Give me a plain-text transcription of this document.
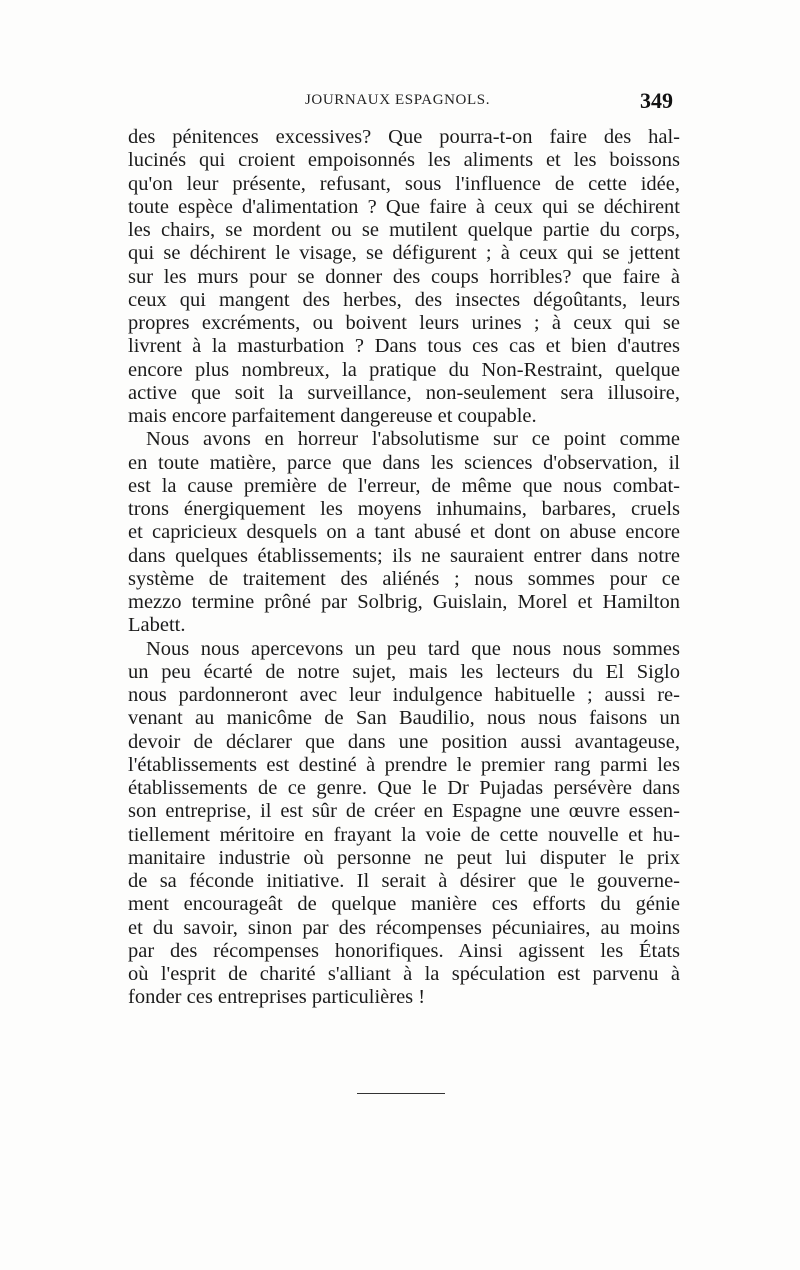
JOURNAUX ESPAGNOLS.	349
des pénitences excessives? Que pourra-t-on faire des hal-
lucinés qui croient empoisonnés les aliments et les boissons
qu'on leur présente, refusant, sous l'influence de cette idée,
toute espèce d'alimentation ? Que faire à ceux qui se déchirent
les chairs, se mordent ou se mutilent quelque partie du corps,
qui se déchirent le visage, se défigurent ; à ceux qui se jettent
sur les murs pour se donner des coups horribles? que faire à
ceux qui mangent des herbes, des insectes dégoûtants, leurs
propres excréments, ou boivent leurs urines ; à ceux qui se
livrent à la masturbation ? Dans tous ces cas et bien d'autres
encore plus nombreux, la pratique du Non-Restraint, quelque
active que soit la surveillance, non-seulement sera illusoire,
mais encore parfaitement dangereuse et coupable.
Nous avons en horreur l'absolutisme sur ce point comme
en toute matière, parce que dans les sciences d'observation, il
est la cause première de l'erreur, de même que nous combat-
trons énergiquement les moyens inhumains, barbares, cruels
et capricieux desquels on a tant abusé et dont on abuse encore
dans quelques établissements; ils ne sauraient entrer dans notre
système de traitement des aliénés ; nous sommes pour ce
mezzo termine prôné par Solbrig, Guislain, Morel et Hamilton
Labett.
Nous nous apercevons un peu tard que nous nous sommes
un peu écarté de notre sujet, mais les lecteurs du El Siglo
nous pardonneront avec leur indulgence habituelle ; aussi re-
venant au manicôme de San Baudilio, nous nous faisons un
devoir de déclarer que dans une position aussi avantageuse,
l'établissements est destiné à prendre le premier rang parmi les
établissements de ce genre. Que le Dr Pujadas persévère dans
son entreprise, il est sûr de créer en Espagne une œuvre essen-
tiellement méritoire en frayant la voie de cette nouvelle et hu-
manitaire industrie où personne ne peut lui disputer le prix
de sa féconde initiative. Il serait à désirer que le gouverne-
ment encourageât de quelque manière ces efforts du génie
et du savoir, sinon par des récompenses pécuniaires, au moins
par des récompenses honorifiques. Ainsi agissent les États
où l'esprit de charité s'alliant à la spéculation est parvenu à
fonder ces entreprises particulières !
